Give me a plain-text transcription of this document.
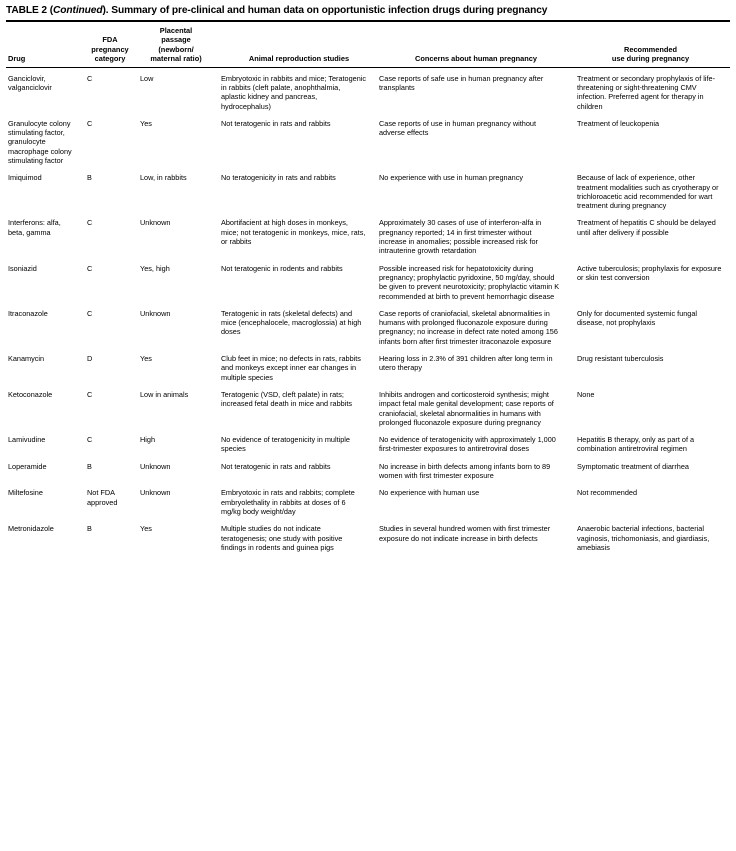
TABLE 2 (Continued). Summary of pre-clinical and human data on opportunistic infection drugs during pregnancy
Drug	FDA
pregnancy
category	Placental
passage
(newborn/
maternal ratio)	Animal reproduction studies	Concerns about human pregnancy	Recommended
use during pregnancy
Ganciclovir, valganciclovir	C	Low	Embryotoxic in rabbits and mice; Teratogenic in rabbits (cleft palate, anophthalmia, aplastic kidney and pancreas, hydrocephalus)	Case reports of safe use in human pregnancy after transplants	Treatment or secondary prophylaxis of life-threatening or sight-threatening CMV infection. Preferred agent for therapy in children
Granulocyte colony stimulating factor, granulocyte macrophage colony stimulating factor	C	Yes	Not teratogenic in rats and rabbits	Case reports of use in human pregnancy without adverse effects	Treatment of leuckopenia
Imiquimod	B	Low, in rabbits	No teratogenicity in rats and rabbits	No experience with use in human pregnancy	Because of lack of experience, other treatment modalities such as cryotherapy or trichloroacetic acid recommended for wart treatment during pregnancy
Interferons: alfa, beta, gamma	C	Unknown	Abortifacient at high doses in monkeys, mice; not teratogenic in monkeys, mice, rats, or rabbits	Approximately 30 cases of use of interferon-alfa in pregnancy reported; 14 in first trimester without increase in anomalies; possible increased risk for intrauterine growth retardation	Treatment of hepatitis C should be delayed until after delivery if possible
Isoniazid	C	Yes, high	Not teratogenic in rodents and rabbits	Possible increased risk for hepatotoxicity during pregnancy; prophylactic pyridoxine, 50 mg/day, should be given to prevent neurotoxicity; prophylactic vitamin K recommended at birth to prevent hemorrhagic disease	Active tuberculosis; prophylaxis for exposure or skin test conversion
Itraconazole	C	Unknown	Teratogenic in rats (skeletal defects) and mice (encephalocele, macroglossia) at high doses	Case reports of craniofacial, skeletal abnormalities in humans with prolonged fluconazole exposure during pregnancy; no increase in defect rate noted among 156 infants born after first trimester itraconazole exposure	Only for documented systemic fungal disease, not prophylaxis
Kanamycin	D	Yes	Club feet in mice; no defects in rats, rabbits and monkeys except inner ear changes in multiple species	Hearing loss in 2.3% of 391 children after long term in utero therapy	Drug resistant tuberculosis
Ketoconazole	C	Low in animals	Teratogenic (VSD, cleft palate) in rats; increased fetal death in mice and rabbits	Inhibits androgen and corticosteroid synthesis; might impact fetal male genital development; case reports of craniofacial, skeletal abnormalities in humans with prolonged fluconazole exposure during pregnancy	None
Lamivudine	C	High	No evidence of teratogenicity in multiple species	No evidence of teratogenicity with approximately 1,000 first-trimester exposures to antiretroviral doses	Hepatitis B therapy, only as part of a combination antiretroviral regimen
Loperamide	B	Unknown	Not teratogenic in rats and rabbits	No increase in birth defects among infants born to 89 women with first trimester exposure	Symptomatic treatment of diarrhea
Miltefosine	Not FDA approved	Unknown	Embryotoxic in rats and rabbits; complete embryolethality in rabbits at doses of 6 mg/kg body weight/day	No experience with human use	Not recommended
Metronidazole	B	Yes	Multiple studies do not indicate teratogenesis; one study with positive findings in rodents and guinea pigs	Studies in several hundred women with first trimester exposure do not indicate increase in birth defects	Anaerobic bacterial infections, bacterial vaginosis, trichomoniasis, and giardiasis, amebiasis
